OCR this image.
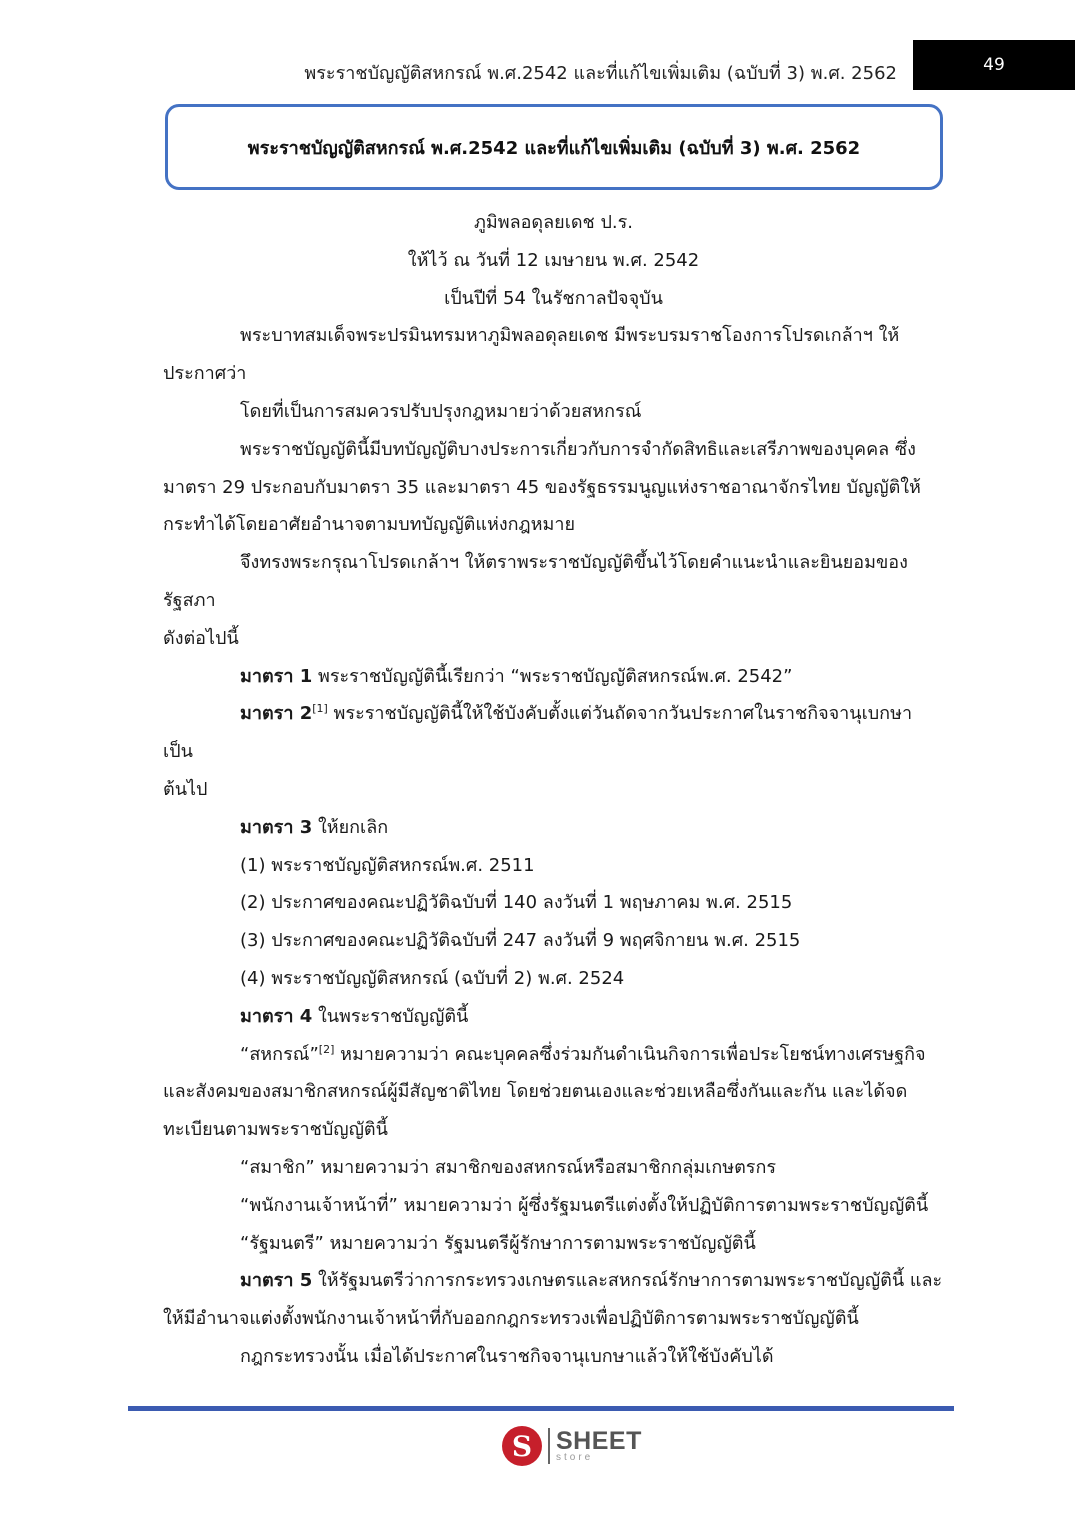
พระราชบัญญัติสหกรณ์ พ.ศ.2542 และที่แก้ไขเพิ่มเติม (ฉบับที่ 3) พ.ศ. 2562	49
พระราชบัญญัติสหกรณ์ พ.ศ.2542 และที่แก้ไขเพิ่มเติม (ฉบับที่ 3) พ.ศ. 2562

ภูมิพลอดุลยเดช ป.ร.

ให้ไว้ ณ วันที่ 12 เมษายน พ.ศ. 2542

เป็นปีที่ 54 ในรัชกาลปัจจุบัน

พระบาทสมเด็จพระปรมินทรมหาภูมิพลอดุลยเดช มีพระบรมราชโองการโปรดเกล้าฯ ให้

ประกาศว่า

โดยที่เป็นการสมควรปรับปรุงกฎหมายว่าด้วยสหกรณ์

พระราชบัญญัตินี้มีบทบัญญัติบางประการเกี่ยวกับการจำกัดสิทธิและเสรีภาพของบุคคล ซึ่ง

มาตรา 29 ประกอบกับมาตรา 35 และมาตรา 45 ของรัฐธรรมนูญแห่งราชอาณาจักรไทย บัญญัติให้

กระทำได้โดยอาศัยอำนาจตามบทบัญญัติแห่งกฎหมาย

จึงทรงพระกรุณาโปรดเกล้าฯ ให้ตราพระราชบัญญัติขึ้นไว้โดยคำแนะนำและยินยอมของรัฐสภา

ดังต่อไปนี้

มาตรา 1 พระราชบัญญัตินี้เรียกว่า “พระราชบัญญัติสหกรณ์พ.ศ. 2542”

มาตรา 2[1] พระราชบัญญัตินี้ให้ใช้บังคับตั้งแต่วันถัดจากวันประกาศในราชกิจจานุเบกษา เป็น

ต้นไป

มาตรา 3 ให้ยกเลิก

(1) พระราชบัญญัติสหกรณ์พ.ศ. 2511

(2) ประกาศของคณะปฏิวัติฉบับที่ 140 ลงวันที่ 1 พฤษภาคม พ.ศ. 2515

(3) ประกาศของคณะปฏิวัติฉบับที่ 247 ลงวันที่ 9 พฤศจิกายน พ.ศ. 2515

(4) พระราชบัญญัติสหกรณ์ (ฉบับที่ 2) พ.ศ. 2524

มาตรา 4 ในพระราชบัญญัตินี้

“สหกรณ์”[2] หมายความว่า คณะบุคคลซึ่งร่วมกันดำเนินกิจการเพื่อประโยชน์ทางเศรษฐกิจ

และสังคมของสมาชิกสหกรณ์ผู้มีสัญชาติไทย โดยช่วยตนเองและช่วยเหลือซึ่งกันและกัน และได้จด

ทะเบียนตามพระราชบัญญัตินี้

“สมาชิก” หมายความว่า สมาชิกของสหกรณ์หรือสมาชิกกลุ่มเกษตรกร

“พนักงานเจ้าหน้าที่” หมายความว่า ผู้ซึ่งรัฐมนตรีแต่งตั้งให้ปฏิบัติการตามพระราชบัญญัตินี้

“รัฐมนตรี” หมายความว่า รัฐมนตรีผู้รักษาการตามพระราชบัญญัตินี้

มาตรา 5 ให้รัฐมนตรีว่าการกระทรวงเกษตรและสหกรณ์รักษาการตามพระราชบัญญัตินี้ และ

ให้มีอำนาจแต่งตั้งพนักงานเจ้าหน้าที่กับออกกฎกระทรวงเพื่อปฏิบัติการตามพระราชบัญญัตินี้

กฎกระทรวงนั้น เมื่อได้ประกาศในราชกิจจานุเบกษาแล้วให้ใช้บังคับได้

S SHEET
store
